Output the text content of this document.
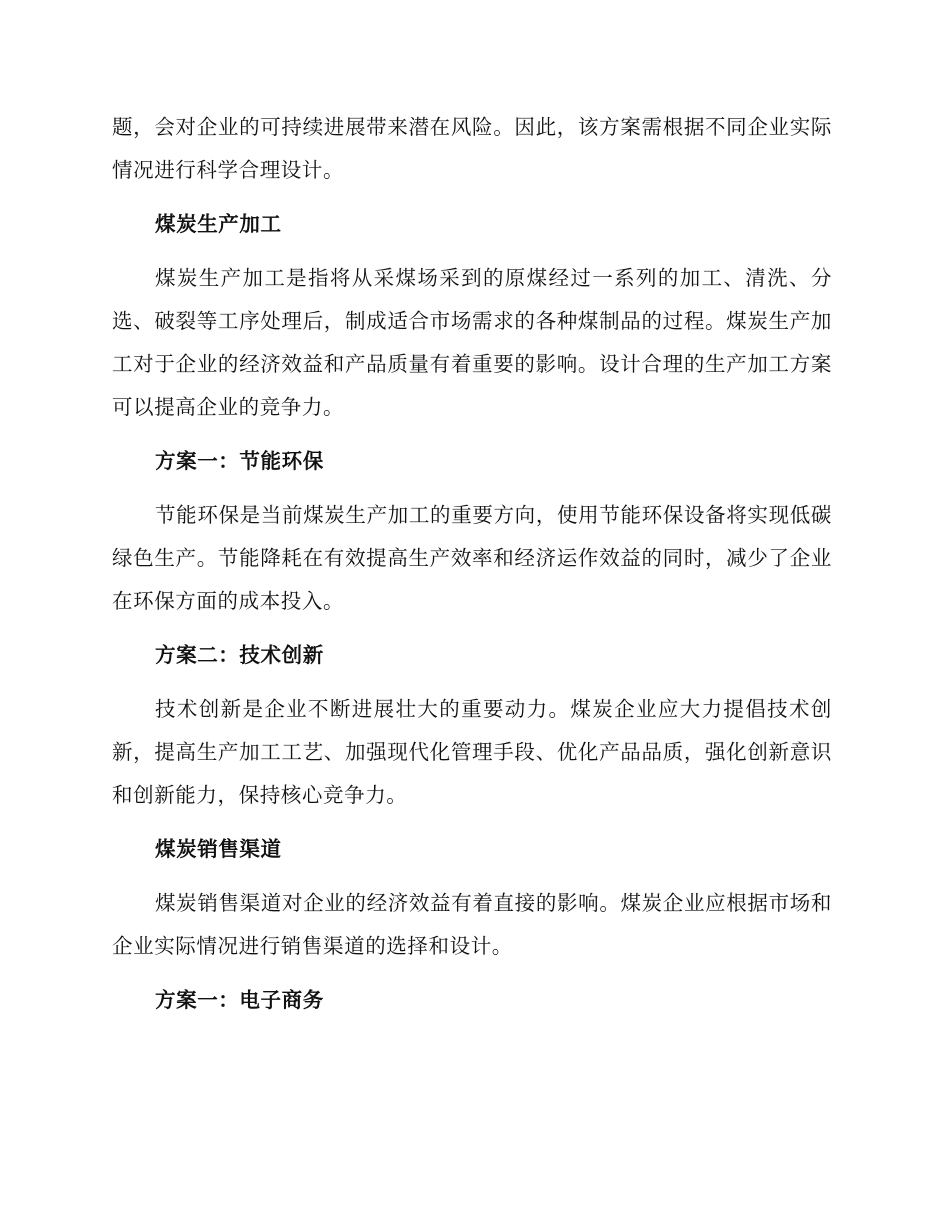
题，会对企业的可持续进展带来潜在风险。因此，该方案需根据不同企业实际情况进行科学合理设计。

煤炭生产加工

煤炭生产加工是指将从采煤场采到的原煤经过一系列的加工、清洗、分选、破裂等工序处理后，制成适合市场需求的各种煤制品的过程。煤炭生产加工对于企业的经济效益和产品质量有着重要的影响。设计合理的生产加工方案可以提高企业的竞争力。

方案一：节能环保

节能环保是当前煤炭生产加工的重要方向，使用节能环保设备将实现低碳绿色生产。节能降耗在有效提高生产效率和经济运作效益的同时，减少了企业在环保方面的成本投入。

方案二：技术创新

技术创新是企业不断进展壮大的重要动力。煤炭企业应大力提倡技术创新，提高生产加工工艺、加强现代化管理手段、优化产品品质，强化创新意识和创新能力，保持核心竞争力。

煤炭销售渠道

煤炭销售渠道对企业的经济效益有着直接的影响。煤炭企业应根据市场和企业实际情况进行销售渠道的选择和设计。

方案一：电子商务
